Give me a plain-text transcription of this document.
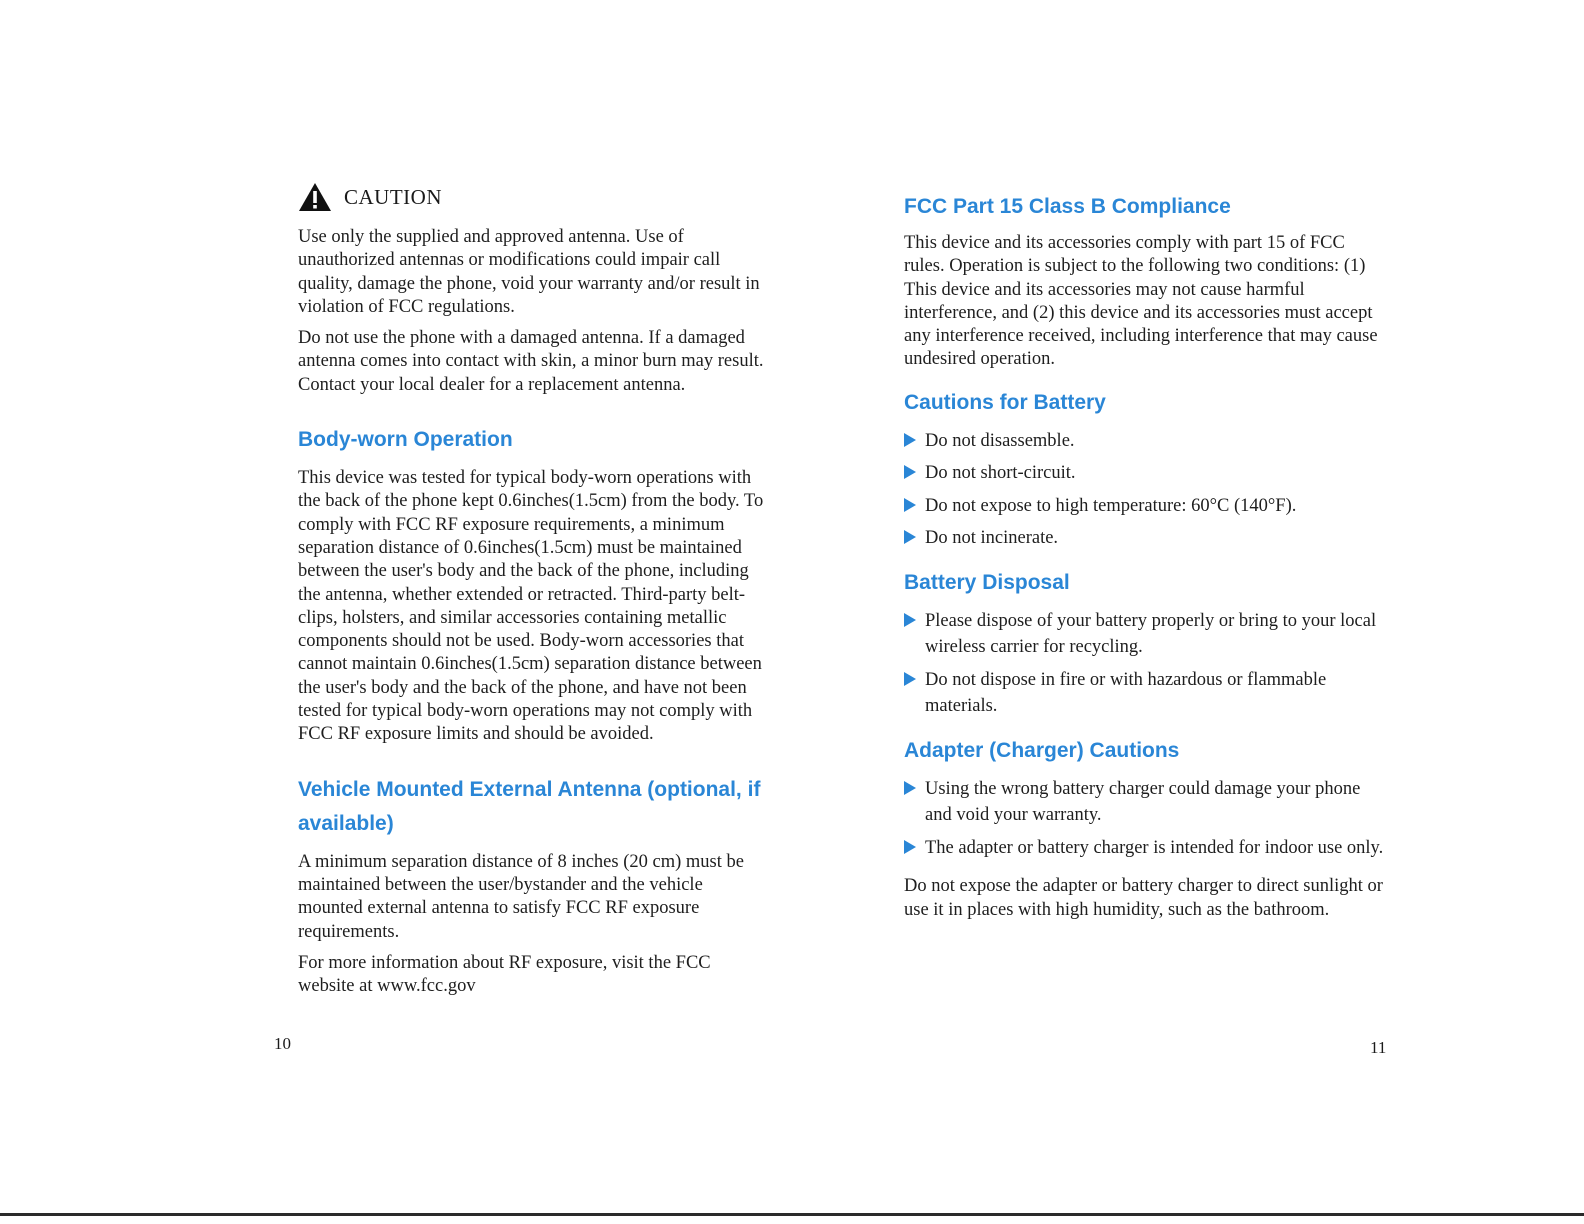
CAUTION

Use only the supplied and approved antenna. Use of unauthorized antennas or modifications could impair call quality, damage the phone, void your warranty and/or result in violation of FCC regulations.

Do not use the phone with a damaged antenna. If a damaged antenna comes into contact with skin, a minor burn may result. Contact your local dealer for a replacement antenna.

Body-worn Operation

This device was tested for typical body-worn operations with the back of the phone kept 0.6inches(1.5cm) from the body. To comply with FCC RF exposure requirements, a minimum separation distance of 0.6inches(1.5cm) must be maintained between the user's body and the back of the phone, including the antenna, whether extended or retracted. Third-party belt-clips, holsters, and similar accessories containing metallic components should not be used. Body-worn accessories that cannot maintain 0.6inches(1.5cm) separation distance between the user's body and the back of the phone, and have not been tested for typical body-worn operations may not comply with FCC RF exposure limits and should be avoided.

Vehicle Mounted External Antenna (optional, if available)

A minimum separation distance of 8 inches (20 cm) must be maintained between the user/bystander and the vehicle mounted external antenna to satisfy FCC RF exposure requirements.

For more information about RF exposure, visit the FCC website at www.fcc.gov

10
FCC Part 15 Class B Compliance

This device and its accessories comply with part 15 of FCC rules. Operation is subject to the following two conditions: (1) This device and its accessories may not cause harmful interference, and (2) this device and its accessories must accept any interference received, including interference that may cause undesired operation.

Cautions for Battery
Do not disassemble.
Do not short-circuit.
Do not expose to high temperature: 60°C (140°F).
Do not incinerate.
Battery Disposal
Please dispose of your battery properly or bring to your local wireless carrier for recycling.
Do not dispose in fire or with hazardous or flammable materials.
Adapter (Charger) Cautions
Using the wrong battery charger could damage your phone and void your warranty.
The adapter or battery charger is intended for indoor use only.

Do not expose the adapter or battery charger to direct sunlight or use it in places with high humidity, such as the bathroom.

11
